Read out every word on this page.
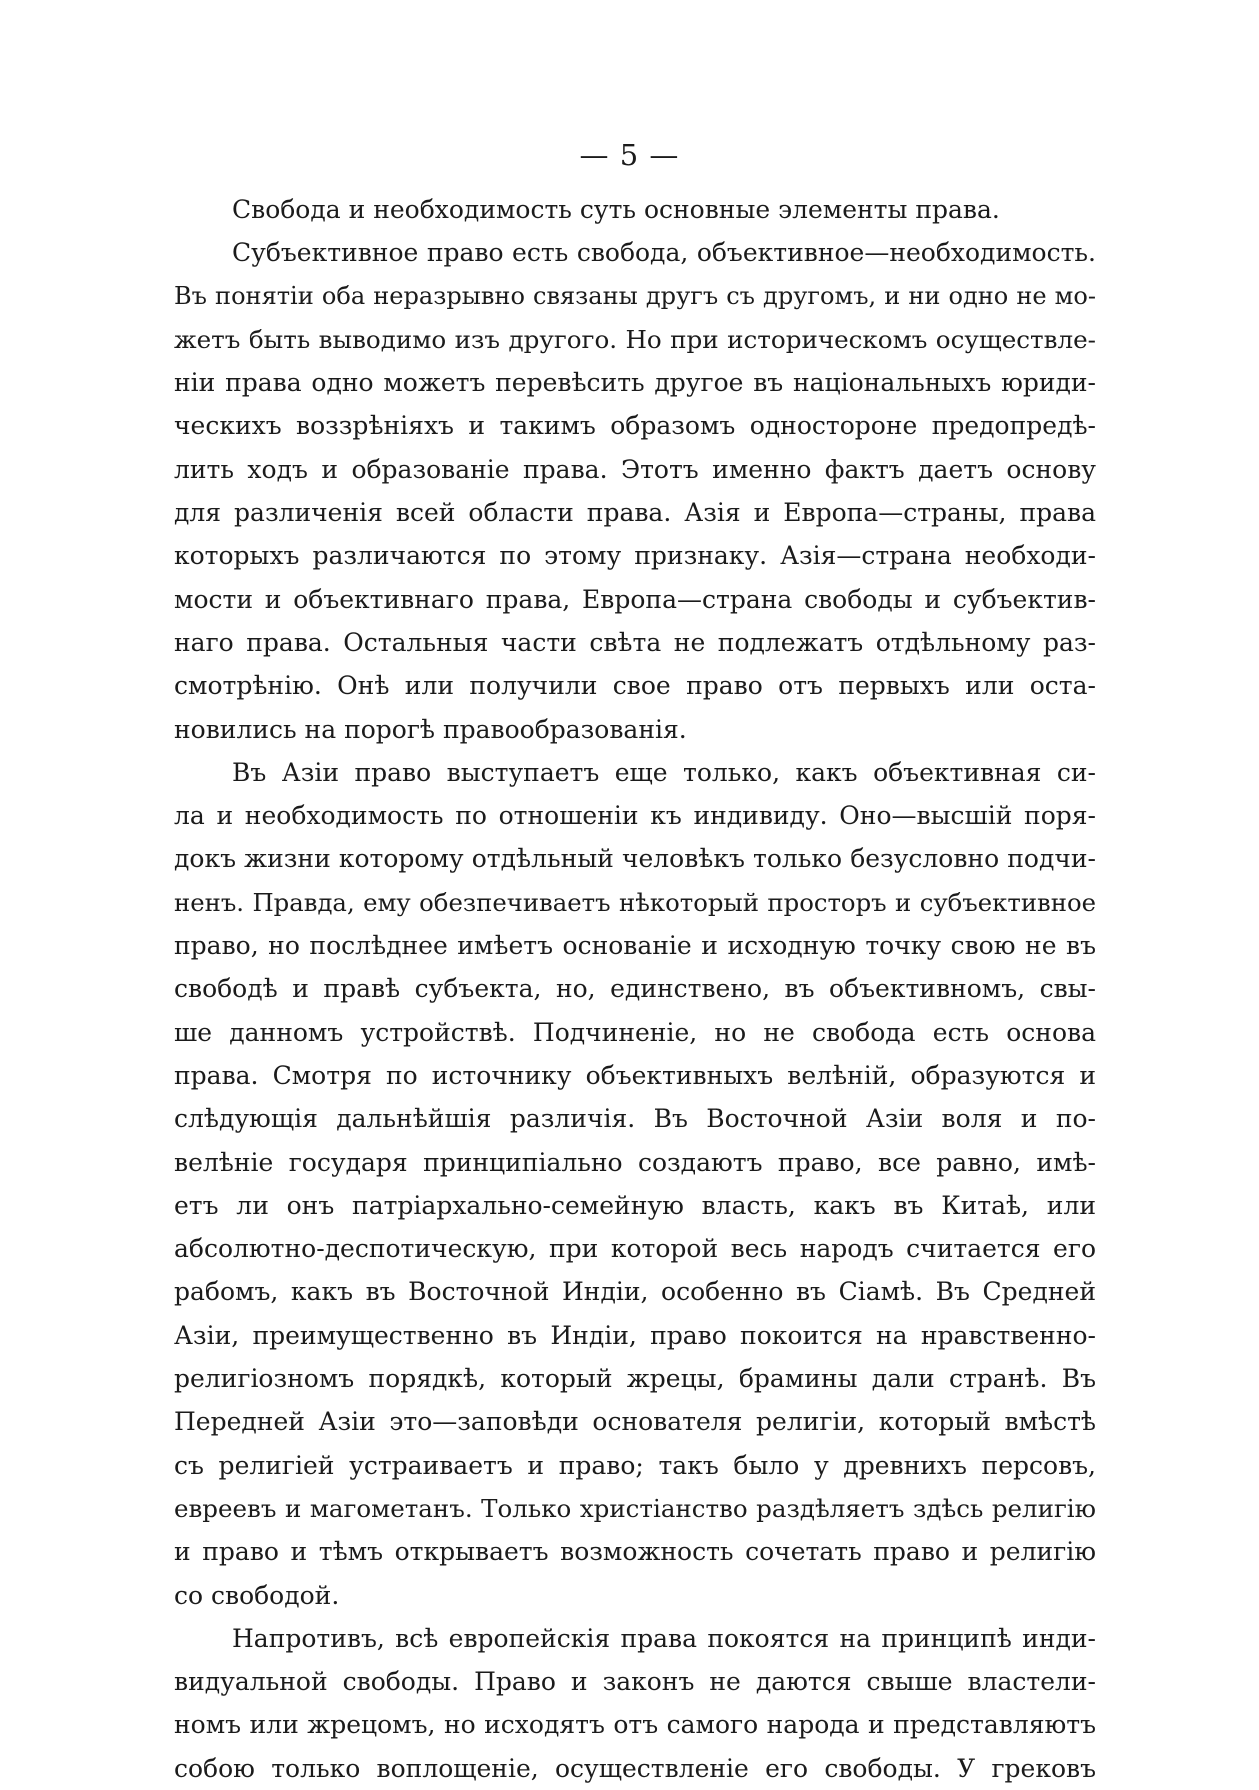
— 5 —
Свобода и необходимость суть основные элементы права.
Субъективное право есть свобода, объективное—необходимость.
Въ понятіи оба неразрывно связаны другъ съ другомъ, и ни одно не мо-
жетъ быть выводимо изъ другого. Но при историческомъ осуществле-
ніи права одно можетъ перевѣсить другое въ національныхъ юриди-
ческихъ воззрѣніяхъ и такимъ образомъ односторонe предопредѣ-
лить ходъ и образованіе права. Этотъ именно фактъ даетъ основу
для различенія всей области права. Азія и Европа—страны, права
которыхъ различаются по этому признаку. Азія—страна необходи-
мости и объективнаго права, Европа—страна свободы и субъектив-
наго права. Остальныя части свѣта не подлежатъ отдѣльному раз-
смотрѣнію. Онѣ или получили свое право отъ первыхъ или оста-
новились на порогѣ правообразованія.
Въ Азіи право выступаетъ еще только, какъ объективная си-
ла и необходимость по отношеніи къ индивиду. Оно—высшій поря-
докъ жизни которому отдѣльный человѣкъ только безусловно подчи-
ненъ. Правда, ему обезпечиваетъ нѣкоторый просторъ и субъективное
право, но послѣднее имѣетъ основаніе и исходную точку свою не въ
свободѣ и правѣ субъекта, но, единствено, въ объективномъ, свы-
ше данномъ устройствѣ. Подчиненіе, но не свобода есть основа
права. Смотря по источнику объективныхъ велѣній, образуются и
слѣдующія дальнѣйшія различія. Въ Восточной Азіи воля и по-
велѣніе государя принципіально создаютъ право, все равно, имѣ-
етъ ли онъ патріархально-семейную власть, какъ въ Китаѣ, или
абсолютно-деспотическую, при которой весь народъ считается его
рабомъ, какъ въ Восточной Индіи, особенно въ Сіамѣ. Въ Средней
Азіи, преимущественно въ Индіи, право покоится на нравственно-
религіозномъ порядкѣ, который жрецы, брамины дали странѣ. Въ
Передней Азіи это—заповѣди основателя религіи, который вмѣстѣ
съ религіей устраиваетъ и право; такъ было у древнихъ персовъ,
евреевъ и магометанъ. Только христіанство раздѣляетъ здѣсь религію
и право и тѣмъ открываетъ возможность сочетать право и религію
со свободой.
Напротивъ, всѣ европейскія права покоятся на принципѣ инди-
видуальной свободы. Право и законъ не даются свыше властели-
номъ или жрецомъ, но исходятъ отъ самого народа и представляютъ
собою только воплощеніе, осуществленіе его свободы. У грековъ
